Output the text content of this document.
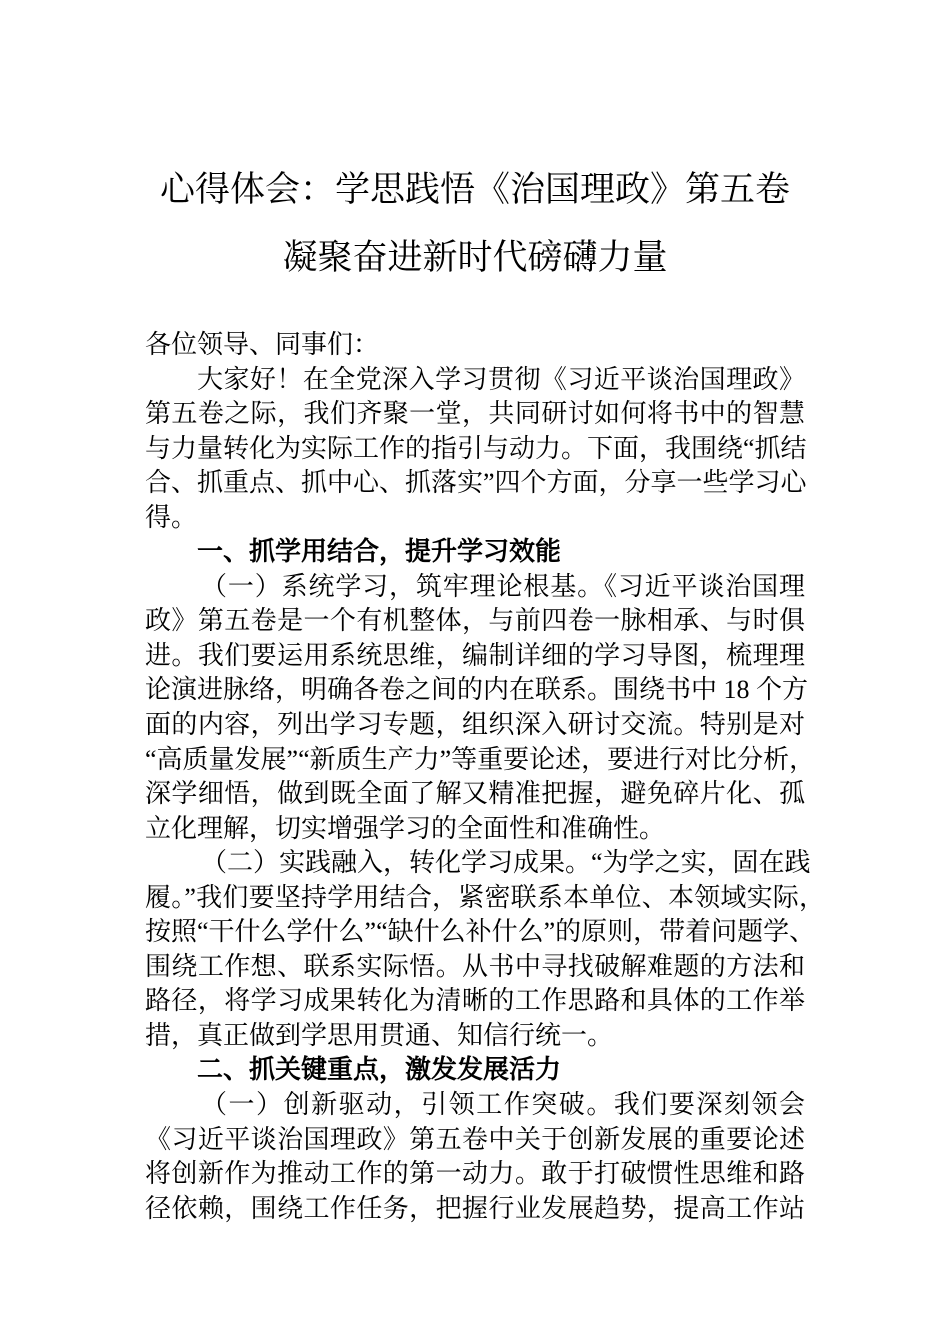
心得体会：学思践悟《治国理政》第五卷
凝聚奋进新时代磅礴力量
各位领导、同事们：
大家好！在全党深入学习贯彻《习近平谈治国理政》
第五卷之际，我们齐聚一堂，共同研讨如何将书中的智慧
与力量转化为实际工作的指引与动力。下面，我围绕“抓结
合、抓重点、抓中心、抓落实”四个方面，分享一些学习心
得。
一、抓学用结合，提升学习效能
（一）系统学习，筑牢理论根基。《习近平谈治国理
政》第五卷是一个有机整体，与前四卷一脉相承、与时俱
进。我们要运用系统思维，编制详细的学习导图，梳理理
论演进脉络，明确各卷之间的内在联系。围绕书中 18 个方
面的内容，列出学习专题，组织深入研讨交流。特别是对
“高质量发展”“新质生产力”等重要论述，要进行对比分析，
深学细悟，做到既全面了解又精准把握，避免碎片化、孤
立化理解，切实增强学习的全面性和准确性。
（二）实践融入，转化学习成果。“为学之实，固在践
履。”我们要坚持学用结合，紧密联系本单位、本领域实际，
按照“干什么学什么”“缺什么补什么”的原则，带着问题学、
围绕工作想、联系实际悟。从书中寻找破解难题的方法和
路径，将学习成果转化为清晰的工作思路和具体的工作举
措，真正做到学思用贯通、知信行统一。
二、抓关键重点，激发发展活力
（一）创新驱动，引领工作突破。我们要深刻领会
《习近平谈治国理政》第五卷中关于创新发展的重要论述
将创新作为推动工作的第一动力。敢于打破惯性思维和路
径依赖，围绕工作任务，把握行业发展趋势，提高工作站
